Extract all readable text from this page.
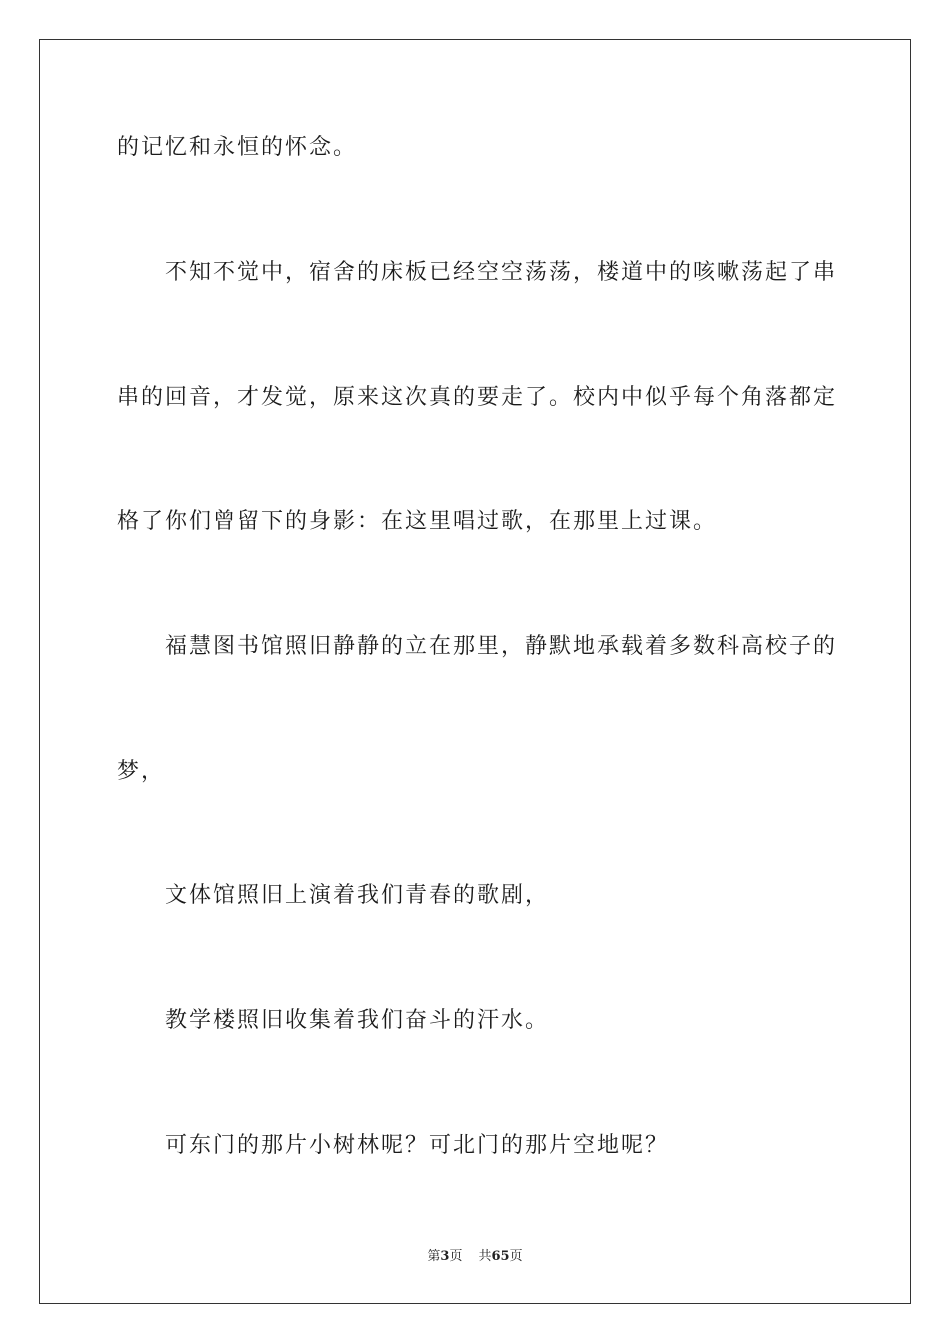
的记忆和永恒的怀念。

不知不觉中，宿舍的床板已经空空荡荡，楼道中的咳嗽荡起了串

串的回音，才发觉，原来这次真的要走了。校内中似乎每个角落都定

格了你们曾留下的身影：在这里唱过歌，在那里上过课。

福慧图书馆照旧静静的立在那里，静默地承载着多数科高校子的

梦，

文体馆照旧上演着我们青春的歌剧，

教学楼照旧收集着我们奋斗的汗水。

可东门的那片小树林呢？可北门的那片空地呢？

第3页 共65页
